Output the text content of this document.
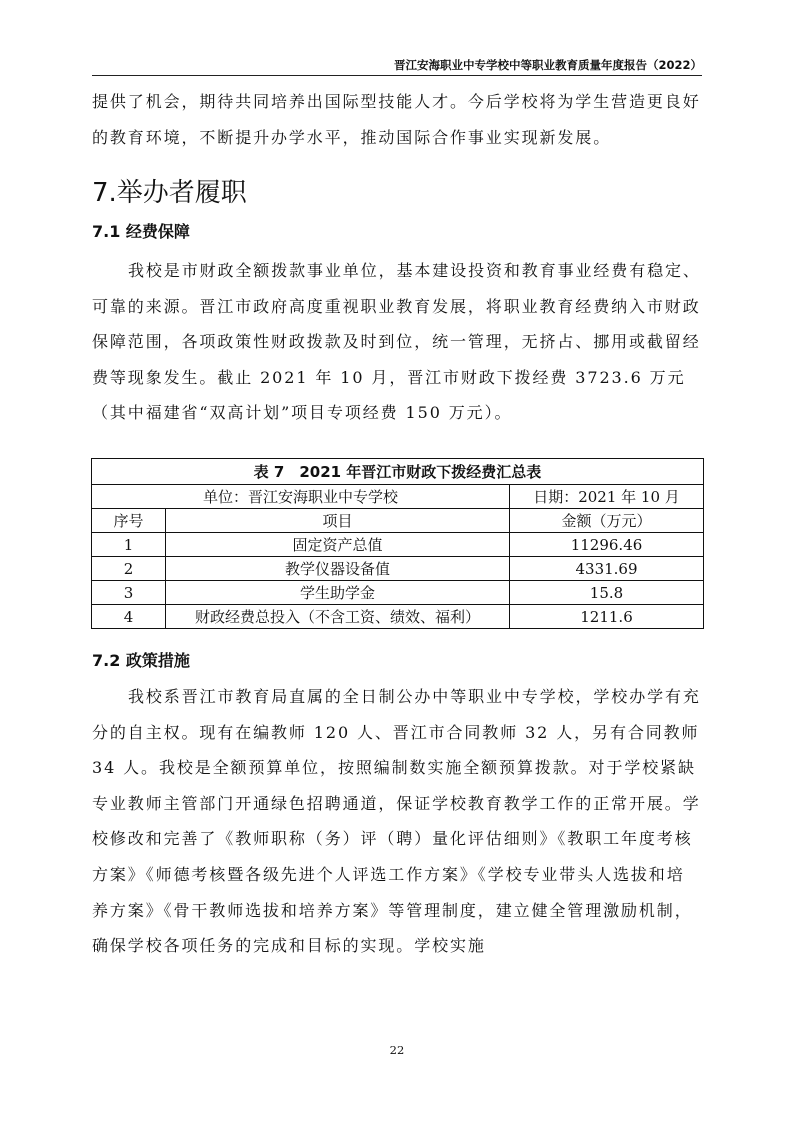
晋江安海职业中专学校中等职业教育质量年度报告（2022）

提供了机会，期待共同培养出国际型技能人才。今后学校将为学生营造更良好的教育环境，不断提升办学水平，推动国际合作事业实现新发展。

7.举办者履职
7.1 经费保障

我校是市财政全额拨款事业单位，基本建设投资和教育事业经费有稳定、可靠的来源。晋江市政府高度重视职业教育发展，将职业教育经费纳入市财政保障范围，各项政策性财政拨款及时到位，统一管理，无挤占、挪用或截留经费等现象发生。截止 2021 年 10 月，晋江市财政下拨经费 3723.6 万元（其中福建省“双高计划”项目专项经费 150 万元）。

表 7　2021 年晋江市财政下拨经费汇总表		
单位：晋江安海职业中专学校		日期：2021 年 10 月
序号	项目	金额（万元）
1	固定资产总值	11296.46
2	教学仪器设备值	4331.69
3	学生助学金	15.8
4	财政经费总投入（不含工资、绩效、福利）	1211.6
7.2 政策措施

我校系晋江市教育局直属的全日制公办中等职业中专学校，学校办学有充分的自主权。现有在编教师 120 人、晋江市合同教师 32 人，另有合同教师 34 人。我校是全额预算单位，按照编制数实施全额预算拨款。对于学校紧缺专业教师主管部门开通绿色招聘通道，保证学校教育教学工作的正常开展。学校修改和完善了《教师职称（务）评（聘）量化评估细则》《教职工年度考核方案》《师德考核暨各级先进个人评选工作方案》《学校专业带头人选拔和培养方案》《骨干教师选拔和培养方案》等管理制度，建立健全管理激励机制，确保学校各项任务的完成和目标的实现。学校实施

22
